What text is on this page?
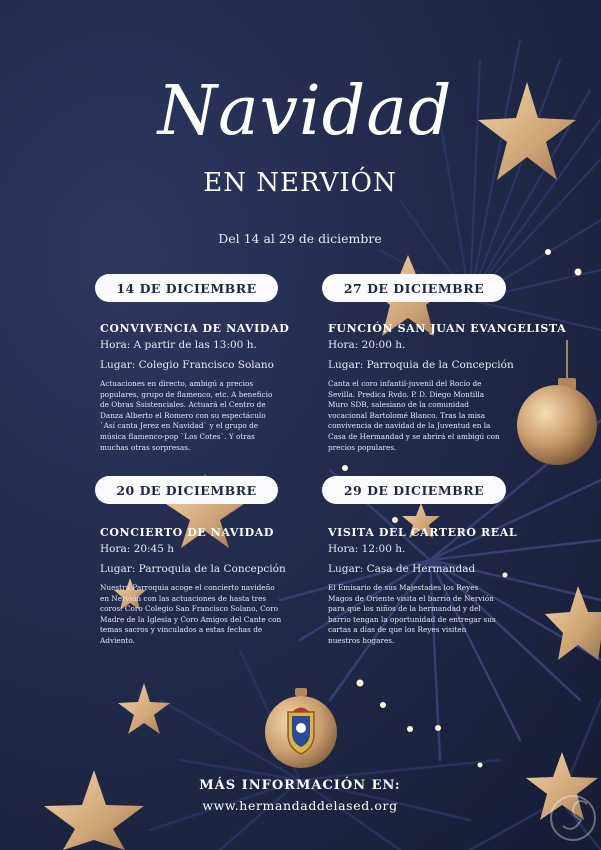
Navidad
EN NERVIÓN
Del 14 al 29 de diciembre
14 DE DICIEMBRE
CONVIVENCIA DE NAVIDAD
Hora: A partir de las 13:00 h.
Lugar: Colegio Francisco Solano
Actuaciones en directo, ambigú a precios populares, grupo de flamenco, etc. A beneficio de Obras Ssistenciales. Actuará el Centro de Danza Alberto el Romero con su espectáculo `Así canta Jerez en Navidad` y el grupo de música flamenco-pop `Los Cotes`. Y otras muchas otras sorpresas.
27 DE DICIEMBRE
FUNCIÓN SAN JUAN EVANGELISTA
Hora: 20:00 h.
Lugar: Parroquia de la Concepción
Canta el coro infantil-juvenil del Rocío de Sevilla. Predica Rvdo. P. D. Diego Montilla Muro SDB, salesiano de la comunidad vocacional Bartolomé Blanco. Tras la misa convivencia de navidad de la Juventud en la Casa de Hermandad y se abrirá el ambigú con precios populares.
20 DE DICIEMBRE
CONCIERTO DE NAVIDAD
Hora: 20:45 h
Lugar: Parroquia de la Concepción
Nuestra Parroquia acoge el concierto navideño en Nervión con las actuaciones de hasta tres coros: Coro Colegio San Francisco Solano, Coro Madre de la Iglesia y Coro Amigos del Cante con temas sacros y vinculados a estas fechas de Adviento.
29 DE DICIEMBRE
VISITA DEL CARTERO REAL
Hora: 12:00 h.
Lugar: Casa de Hermandad
El Emisario de sus Majestades los Reyes Magos de Oriente visita el barrio de Nervión para que los niños de la hermandad y del barrio tengan la oportunidad de entregar sus cartas a días de que los Reyes visiten nuestros hogares.
MÁS INFORMACIÓN EN:
www.hermandaddelased.org
